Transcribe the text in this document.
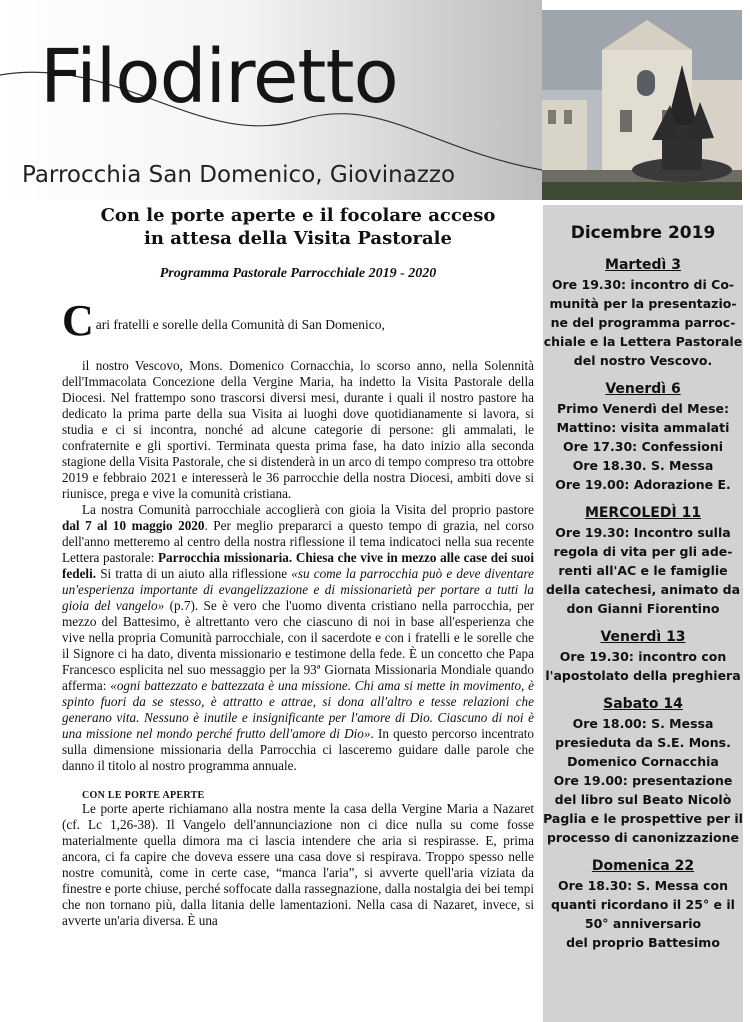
Filodiretto
Parrocchia San Domenico, Giovinazzo
Con le porte aperte e il focolare acceso
in attesa della Visita Pastorale
Programma Pastorale Parrocchiale 2019 - 2020
C ari fratelli e sorelle della Comunità di San Domenico,

il nostro Vescovo, Mons. Domenico Cornacchia, lo scorso anno, nella Solennità dell'Immacolata Concezione della Vergine Maria, ha indetto la Visita Pastorale della Diocesi. Nel frattempo sono trascorsi diversi mesi, durante i quali il nostro pastore ha dedicato la prima parte della sua Visita ai luoghi dove quotidianamente si lavora, si studia e ci si incontra, nonché ad alcune categorie di persone: gli ammalati, le confraternite e gli sportivi. Terminata questa prima fase, ha dato inizio alla seconda stagione della Visita Pastorale, che si distenderà in un arco di tempo compreso tra ottobre 2019 e febbraio 2021 e interesserà le 36 parrocchie della nostra Diocesi, ambiti dove si riunisce, prega e vive la comunità cristiana.

La nostra Comunità parrocchiale accoglierà con gioia la Visita del proprio pastore dal 7 al 10 maggio 2020. Per meglio prepararci a questo tempo di grazia, nel corso dell'anno metteremo al centro della nostra riflessione il tema indicatoci nella sua recente Lettera pastorale: Parrocchia missionaria. Chiesa che vive in mezzo alle case dei suoi fedeli. Si tratta di un aiuto alla riflessione «su come la parrocchia può e deve diventare un'esperienza importante di evangelizzazione e di missionarietà per portare a tutti la gioia del vangelo» (p.7). Se è vero che l'uomo diventa cristiano nella parrocchia, per mezzo del Battesimo, è altrettanto vero che ciascuno di noi in base all'esperienza che vive nella propria Comunità parrocchiale, con il sacerdote e con i fratelli e le sorelle che il Signore ci ha dato, diventa missionario e testimone della fede. È un concetto che Papa Francesco esplicita nel suo messaggio per la 93ª Giornata Missionaria Mondiale quando afferma: «ogni battezzato e battezzata è una missione. Chi ama si mette in movimento, è spinto fuori da se stesso, è attratto e attrae, si dona all'altro e tesse relazioni che generano vita. Nessuno è inutile e insignificante per l'amore di Dio. Ciascuno di noi è una missione nel mondo perché frutto dell'amore di Dio». In questo percorso incentrato sulla dimensione missionaria della Parrocchia ci lasceremo guidare dalle parole che danno il titolo al nostro programma annuale.

CON LE PORTE APERTE

Le porte aperte richiamano alla nostra mente la casa della Vergine Maria a Nazaret (cf. Lc 1,26-38). Il Vangelo dell'annunciazione non ci dice nulla su come fosse materialmente quella dimora ma ci lascia intendere che aria si respirasse. E, prima ancora, ci fa capire che doveva essere una casa dove si respirava. Troppo spesso nelle nostre comunità, come in certe case, “manca l'aria”, si avverte quell'aria viziata da finestre e porte chiuse, perché soffocate dalla rassegnazione, dalla nostalgia dei bei tempi che non tornano più, dalla litania delle lamentazioni. Nella casa di Nazaret, invece, si avverte un'aria diversa. È una

Dicembre 2019
Martedì 3
Ore 19.30: incontro di Co-
munità per la presentazio-
ne del programma parroc-
chiale e la Lettera Pastorale
del nostro Vescovo.
Venerdì 6
Primo Venerdì del Mese:
Mattino: visita ammalati
Ore 17.30: Confessioni
Ore 18.30. S. Messa
Ore 19.00: Adorazione E.
MERCOLEDÌ 11
Ore 19.30: Incontro sulla
regola di vita per gli ade-
renti all'AC e le famiglie
della catechesi, animato da
don Gianni Fiorentino
Venerdì 13
Ore 19.30: incontro con
l'apostolato della preghiera
Sabato 14
Ore 18.00: S. Messa
presieduta da S.E. Mons.
Domenico Cornacchia
Ore 19.00: presentazione
del libro sul Beato Nicolò
Paglia e le prospettive per il
processo di canonizzazione
Domenica 22
Ore 18.30: S. Messa con
quanti ricordano il 25° e il
50° anniversario
del proprio Battesimo
